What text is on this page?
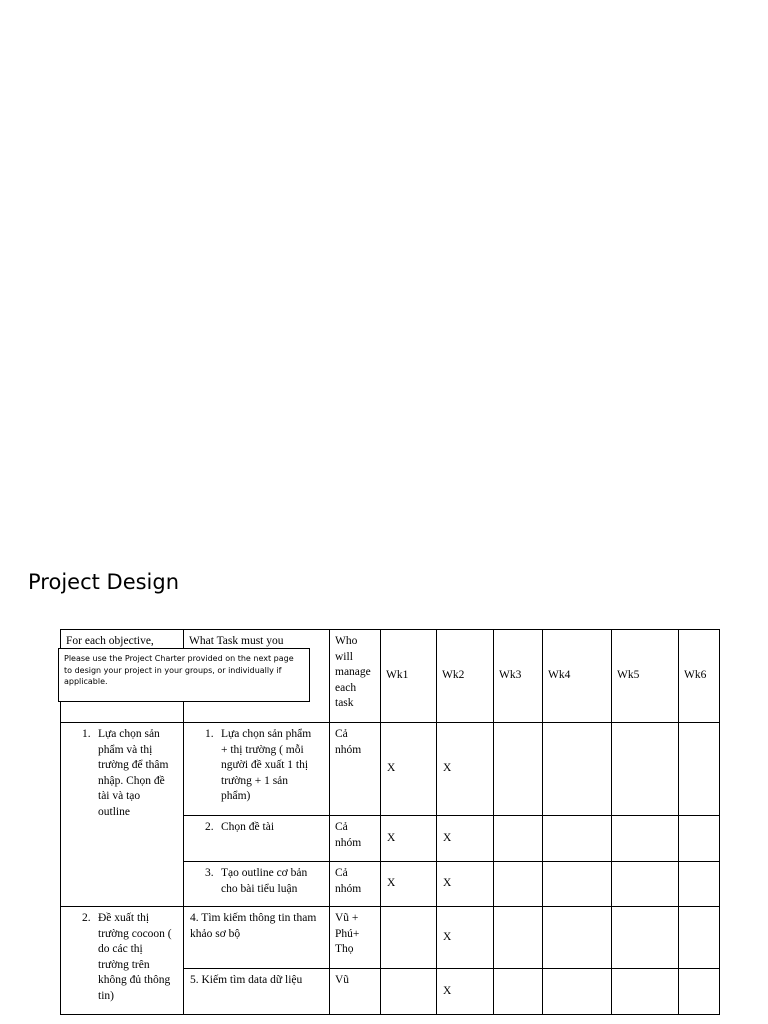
Project Design
For each objective,	What Task must you	Who will manage each task	Wk1	Wk2	Wk3	Wk4	Wk5	Wk6

1. Lựa chọn sản phẩm và thị trường để thâm nhập. Chọn đề tài và tạo outline	1. Lựa chọn sản phẩm + thị trường ( mỗi người đề xuất 1 thị trường + 1 sản phẩm)	Cả nhóm	X	X				

	2. Chọn đề tài	Cả nhóm	X	X				

	3. Tạo outline cơ bản cho bài tiểu luận	Cả nhóm	X	X				

2. Đề xuất thị trường cocoon ( do các thị trường trên không đủ thông tin)	4. Tìm kiếm thông tin tham khảo sơ bộ	Vũ + Phú+ Thọ		X				
	5. Kiếm tìm data dữ liệu	Vũ		X				
Please use the Project Charter provided on the next page to design your project in your groups, or individually if applicable.
